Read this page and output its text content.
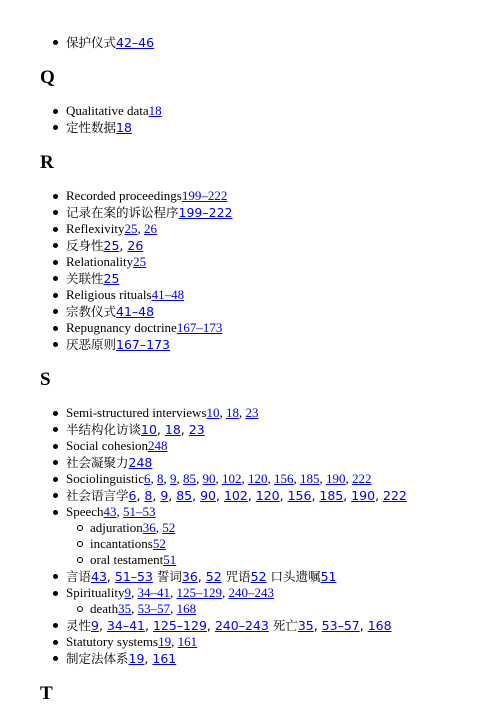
保护仪式42–46
Q
Qualitative data18
定性数据18
R
Recorded proceedings199–222
记录在案的诉讼程序199–222
Reflexivity25, 26
反身性25, 26
Relationality25
关联性25
Religious rituals41–48
宗教仪式41–48
Repugnancy doctrine167–173
厌恶原则167–173
S
Semi-structured interviews10, 18, 23
半结构化访谈10, 18, 23
Social cohesion248
社会凝聚力248
Sociolinguistic6, 8, 9, 85, 90, 102, 120, 156, 185, 190, 222
社会语言学6, 8, 9, 85, 90, 102, 120, 156, 185, 190, 222
Speech43, 51–53
adjuration36, 52
incantations52
oral testament51
言语43, 51–53 誓词36, 52 咒语52 口头遗嘱51
Spirituality9, 34–41, 125–129, 240–243
death35, 53–57, 168
灵性9, 34–41, 125–129, 240–243 死亡35, 53–57, 168
Statutory systems19, 161
制定法体系19, 161
T
